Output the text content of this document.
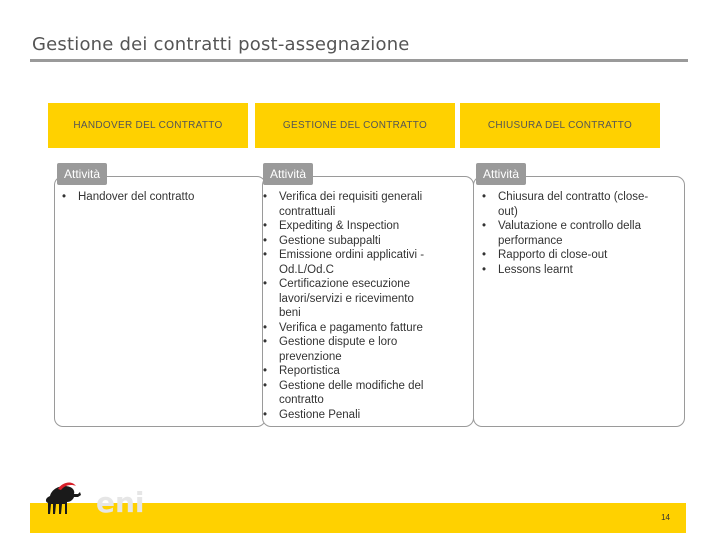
Gestione dei contratti post-assegnazione
HANDOVER DEL CONTRATTO
Attività
• Handover del contratto
GESTIONE DEL CONTRATTO
Attività
• Verifica dei requisiti generali contrattuali
• Expediting & Inspection
• Gestione subappalti
• Emissione ordini applicativi - Od.L/Od.C
• Certificazione esecuzione lavori/servizi e ricevimento beni
• Verifica e pagamento fatture
• Gestione dispute e loro prevenzione
• Reportistica
• Gestione delle modifiche del contratto
• Gestione Penali
CHIUSURA DEL CONTRATTO
Attività
• Chiusura del contratto (close-out)
• Valutazione e controllo della performance
• Rapporto di close-out
• Lessons learnt
14
eni
